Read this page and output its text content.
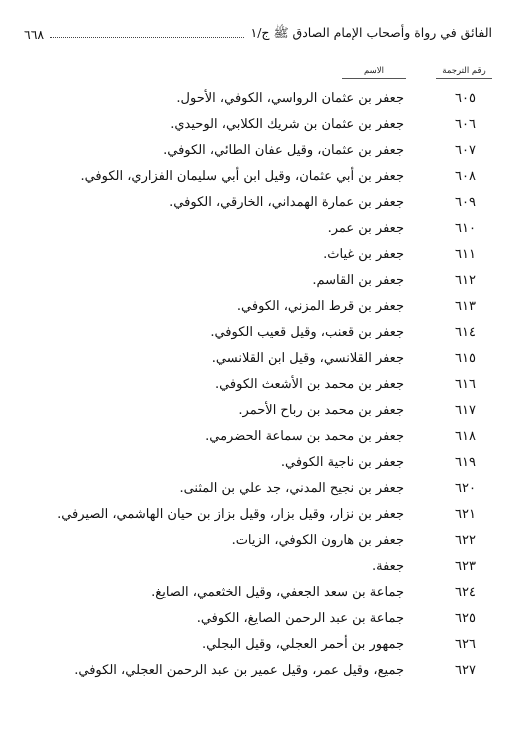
الفائق في رواة وأصحاب الإمام الصادق ﷺ ج/١
٦٦٨
رقم الترجمة
الاسم
٦٠٥
جعفر بن عثمان الرواسي، الكوفي، الأحول.
٦٠٦
جعفر بن عثمان بن شريك الكلابي، الوحيدي.
٦٠٧
جعفر بن عثمان، وقيل عفان الطائي، الكوفي.
٦٠٨
جعفر بن أبي عثمان، وقيل ابن أبي سليمان الفزاري، الكوفي.
٦٠٩
جعفر بن عمارة الهمداني، الخارقي، الكوفي.
٦١٠
جعفر بن عمر.
٦١١
جعفر بن غياث.
٦١٢
جعفر بن القاسم.
٦١٣
جعفر بن قرط المزني، الكوفي.
٦١٤
جعفر بن قعنب، وقيل قعيب الكوفي.
٦١٥
جعفر القلانسي، وقيل ابن القلانسي.
٦١٦
جعفر بن محمد بن الأشعث الكوفي.
٦١٧
جعفر بن محمد بن رباح الأحمر.
٦١٨
جعفر بن محمد بن سماعة الحضرمي.
٦١٩
جعفر بن ناجية الكوفي.
٦٢٠
جعفر بن نجيح المدني، جد علي بن المثنى.
٦٢١
جعفر بن نزار، وقيل بزار، وقيل بزاز بن حيان الهاشمي، الصيرفي.
٦٢٢
جعفر بن هارون الكوفي، الزيات.
٦٢٣
جعفة.
٦٢٤
جماعة بن سعد الجعفي، وقيل الخثعمي، الصايغ.
٦٢٥
جماعة بن عبد الرحمن الصايغ، الكوفي.
٦٢٦
جمهور بن أحمر العجلي، وقيل البجلي.
٦٢٧
جميع، وقيل عمر، وقيل عمير بن عبد الرحمن العجلي، الكوفي.
